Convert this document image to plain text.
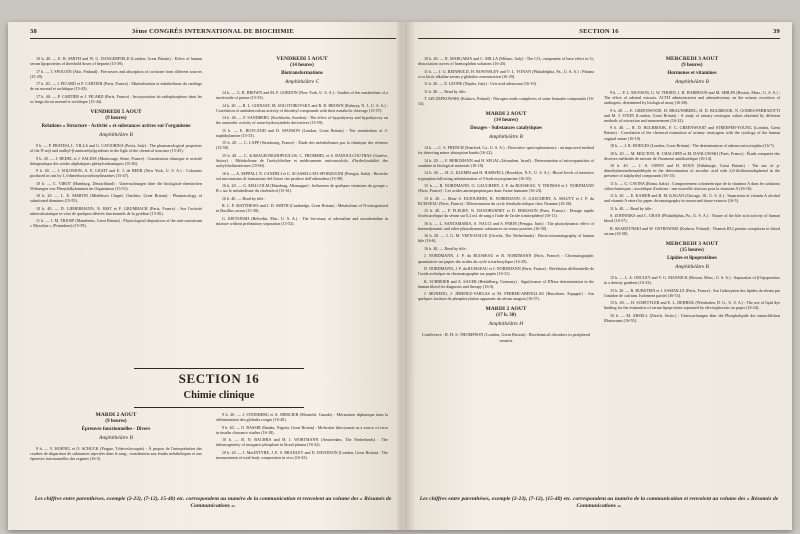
38	3ème CONGRÈS INTERNATIONAL DE BIOCHIMIE

10 h, 40. — E. B. SMITH and W. G. DANGERFIELD (London, Great Britain) : Effect of human serum lipoproteins of threshold doses of heparin (15-39).

17 h. — I. SPOLOIN (Abo, Finland) : Precursors and absorption of cortisone from different sources (15-29).

17 h. 20. — J. PICARD et P. CARTIER (Paris, France) : Minéralisation et métabolisme du cartilage de rat normal et rachitique (15-43).

17 h. 40. — P. CARTIER et J. PICARD (Paris, France) : Incorporation du radiophosphore dans les os longs du rat normal et rachitique (15-44).

VENDREDI 5 AOUT
(9 heures)
Relations « Structure - Activité » et substances actives sur l'organisme
Amphithéâtre B

9 h. — P. PRATESI, L. VILLA and G. CAVIORINA (Pavia, Italy) : The pharmacological properties of the N-aryl and aralkyl-β-aminoethylpyridines in the light of the chemical structure (15-45).

9 h. 20. — J. REDEL et J. SALESE (Montrouge, Seine, France) : Constitution chimique et activité thérapeutique des acides aliphatiques phénylcarbamiques (15-46).

9 h. 40. — J. SOLOMON, A. E. LIGHT and E. J. de BEER (New York, U. S. A.) : Colorants produced in rats by 1,3-dimethoxycarbonyltriazines (15-47).

10 h. — C. VIROT (Hamburg, Deutschland) : Untersuchungen über die biologisch-chemischen Wirkungen von Phenylalkylaminen im Organismus (15-51).

10 h. 20. — L. E. MARTIN (Middlesex Chapel, Cheshire, Great Britain) : Pharmacology of substituted diamines (15-55).

10 h. 40. — D. LIEBERMANN, N. RIST et F. GRUMBACH (Paris, France) : Sur l'activité tuberculostatique in vitro de quelques dérivés fonctionnels de la pyridine (15-56).

11 h. — J. M. TRIOSP (Mannheim, Great Britain) : Physiological disposition of the anti-convulsant « Mysoline » (Primidone) (15-59).

VENDREDI 5 AOUT
(14 heures)
Biotransformations
Amphithéâtre C

14 h. — G. R. BROWN and M. F. GORDON (New York, U. S. A.) : Studies of the metabolism of a nucleoside of purine (15-53).

14 h. 20. — R. L. GOINSAY, M. SOLOTOROVSKY and R. D. BROWN (Rahway, N. J., U. S. A.) : Correlation of antituberculous activity of thioethyl compounds with their metabolic cleavage (15-57).

14 h. 40. — F. SANDBERG (Stockholm, Sweden) : The effect of hypothyroxy and hypothyroxy on the anaerobic activity of some hydroxyindole derivatives (15-59).

15 h. — E. BOYLAND and D. MANSON (London, Great Britain) : The metabolism of 2-naphthylamine (15-35).

15 h. 20. — C. LAPP (Strasbourg, France) : Étude des métabolismes par la chimique des récentes (15-50).

15 h. 40. — C. KARAGEORGHOPOULOS, C. FROMMEL et S. RADOULCOUTHAS (Genève, Suisse) : Métabolisme de l'acétylcholine et médicaments anticonvulsifs, d'hydrolysabilité des acétylcholinestérases (15-60).

16 h. — A. SEPPALI, N. CANDELI et G. SCASSELLATI-SFORZOLINI (Perugia, Italia) : Ricerche sul meccanismo di formazione del fluoro che produce dell'adrenalina (15-58).

16 h. 20. — G. MALCOLM (Hamburg, Allemagne) : Influences de quelques vitamines du groupe « B » sur le métabolisme du cholestérol (15-61).

16 h. 40. — Read by title :

R. C. F. MATTHEWS and J. D. SMITH (Cambridge, Great Britain) : Metabolism of N-nitrogenized in Bacillus cereus (15-38).

G. KIETSINSH (Belvedin, Mar., U. S. A.) : The bio-assay of adrenaline and noradrenaline in mixture without preliminary separation (15-52).

SECTION 16
Chimie clinique
MARDI 2 AOUT
(9 heures)
Épreuves fonctionnelles - Divers
Amphithéâtre B

9 h. — V. HOENIG et O. SCHUCK (Prague, Tchécoslovaquie) : À propos de l'interprétation des courbes de disparition de substances injectées dans le sang ; contribution aux études métaboliques et aux épreuves fonctionnelles des organes (16-5).

9 h. 20. — J. STEINBERG et A. MERCIER (Montréal, Canada) : Mécanisme diphasique dans la sédimentation des globules rouges (16-40).

9 h. 40. — O. BASSIR (Ibadan, Nigeria, Great Britain) : Molecular thiocyanate as a source of error in insulin clearance studies (16-18).

10 h. — B. N. BACHRA and H. J. WORTMANN (Amsterdam, The Netherlands) : The inhomogeneity of inorganic phosphate in blood plasma (16-32).

10 h. 20. — I. MacINTYRE, J. E. S. BRADLEY and D. DAVIDSON (London, Great Britain) : The measurement of total body composition in vivo (16-43).

Les chiffres entre parenthèses, exemple (2-23), (7-12), 15-40) etc. correspondent au numéro de la communication et renvoient au volume des « Résumés de Communications ».
SECTION 16	39

10 h. 40. — R. MARGARIA and C. MILLA (Milano, Italy) : The CO₂ component of base effect in O₂ dissociation curves of haemoglobin solutions (16-20).

11 h. — J. G. REINHOLD, H. BOWNSLEY and V. L. YONAN (Philadelphia, Pa., U. S. A.) : Plasma a-ca lactic alkaline serum γ-globulin concentration (16-29).

11 h. 20. — E. LEONE (Naples, Italy) : Urie acid adenosine (16-19).

11 h. 40. — Read by title :

T. SZCZEPKOWSKI (Krakow, Poland) : Nitrogen oxide complexes of some hematite compounds (16-54).

MARDI 2 AOUT
(14 heures)
Dosages - Substances catalytiques
Amphithéâtre B

14 h. — C. S. FRENCH (Stanford, Ca., U. S. A.) : Derivative spectrophotometry : an improved method for detecting minor absorption bands (16-22).

14 h. 20. — F. BERGMANN and H. SEGAL (Jérusalem, Israel) : Determination of microquantities of xanthine in biological materials (16-18).

14 h. 40. — H. G. KLEMM and H. HARWELL (Brooklyn, N.Y., U. S. A.) : Blood levels of intensive tryptophan following administration of 5-hydroxytryptamine (16-35).

15 h. — R. NORDMANN, O. GAUCHERY, J. P. du RUISSEAU, Y. THOMAS et J. NORDMANN (Paris, France) : Les acides aminopropiniques dans l'urine humaine (16-23).

15 h. 20. — Mme S. DUJOURDIN, R. NORDMANN, O. GAUCHERY, A. MAUTY et J. P. du RUISSEAU (Paris, France) : Détermination du cycle tétrahydrofolique chez l'homme (16-26).

15 h. 40. — P. FLEURY, N. DANOBURNET et D. ERIKSSON (Paris, France) : Dosage rapide d'acétoacétique du sérum sur 0,2 ml. de sang à l'aide de l'acide trinitrophényl (16-11).

16 h. — L. SANTAMARIA, A. NACCI and S. PERIN (Perugia, Italy) : The photodynamic effect of haemodynamic and other photodynamic substances on serum proteins (16-38).

16 h. 20. — J. G. M. VEEN-DALLE (Utrecht, The Netherlands) : Electrochromatography of human bile (16-6).

16 h. 40. — Read by title :

J. NORDMANN, J. P. du RUISSEAU et R. NORDMANN (Paris, France) : Chromatographic quantitative sur papier des acides du cycle tricarboxylique (16-29).

D. NORDMANN, J. P. du RUISSEAU et J. NORDMANN (Paris, France) : Révélation différentielle de l'acide acétoïque en chromatographie sur papier (16-31).

K. SCHREIER and A. SAUER (Heidelberg, Germany) : Significance of DNase determination in the human blood for diagnosis and therapy (16-3).

J. MONEDO, J. JIMENEZ-VARGAS et M. FERRER-ABENILLAS (Barcelone, Espagne) : Sur quelques facteurs de phosphorylation apparents du sérum sanguin (16-57).

MARDI 2 AOUT
(17 h. 30)
Amphithéâtre H
Conférence : R. H. S. THOMPSON (London, Great Britain) : Biochemical disorders in peripheral neuritis
MERCREDI 3 AOUT
(9 heures)
Hormones et vitamines
Amphithéâtre B

9 h. — P. L. MUNSON, G. W. THORN, J. H. HARRISON and M. SHILPS (Boston, Mass., U. S. A.) : The effect of adrenal extracts, ACTH administration and adrenalectomy on the urinary excretion of androgens, determined by biological assay (16-48).

9 h. 20. — E. GREENWOOD, H. BRAUNSBERG, H. D. BULBROOK, N. GOMES-FERRAIOTTI and M. J. STEIN (London, Great Britain) : A study of urinary oestrogen values obtained by different methods of extraction and measurement (16-22).

9 h. 40. — R. D. BULBROOK, F. C. GREENWOOD and STREEPER-YOUNG (London, Great Britain) : Correlation of the chemical estimation of urinary oestrogens with the cytology of the human vaginal smear (16-10).

10 h. — J. R. HODGES (London, Great Britain) : The determination of adrenocorticotrophin (16-7).

10 h. 20. — M. MOCTON, H. CHALOPIN et M. DANLOWSKI (Paris, France) : Étude comparée des diverses méthodes de mesure de l'hormone antidiurétique (16-14).

10 h. 40. — J. A. OWEN and H. ROUS (Edinburgh, Great Britain) : The use of p-dimethylaminobenzaldehyde in the determination of ascorbic acid with 2,6-dichloroindophenol in the presence of sulphydryl compounds (16-15).

11 h. — G. CAVINA (Roma, Italia) : Comportement colorimétrique de la vitamine A dans les solutions chloroformiques ; ascorbique d'acétone : une nouvelle réaction pour la vitamine A (16-16).

11 h. 20. — E. KAISER and B. M. KAGAN (Chicago, Ill., U. S. A.) : Separation of vitamin A alcohol and vitamin A esters by paper chromatography in serum and tissue extracts (16-5).

11 h. 40. — Read by title :

S. ZOHNNIKS and C. URAN (Philadelphia, Pa., U. S. A.) : Nature of the bile acid activity of human blood (16-57).

B. SKARZYNSKI and W. OSTROWSKI (Krakow, Poland) : Vitamin B12 protein complexes in blood serum (16-58).

MERCREDI 3 AOUT
(15 heures)
Lipides et lipoprotéines
Amphithéâtre B

15 h. — L. A. ONCLEY and V. G. MANNICK (Boston, Mass., U. S. A.) : Separation of β-lipoproteins in a density gradient (16-33).

15 h. 20. — R. RUBSTEIN et J. SAMAILLE (Paris, France) : Sur l'adsorption des lipides du sérum par l'amidon de calcium. Isolement partiel (16-53).

15 h. 40. — H. SCHETTLER and E. L. DEHRUK (Wiesbaden, D. G., U. S. A.) : The use of lipid dye binding for the estimation of serum lipoproteins separated by electrophoresis on paper (16-24).

16 h. — M. ARSELL (Zürich, Switz.) : Untersuchungen über die Phospholipide des menschlichen Blutserums (16-55).

Les chiffres entre parenthèses, exemple (2-23), (7-12), (15-40) etc. correspondent au numéro de la communication et renvoient au volume des « Résumés de Communications ».
